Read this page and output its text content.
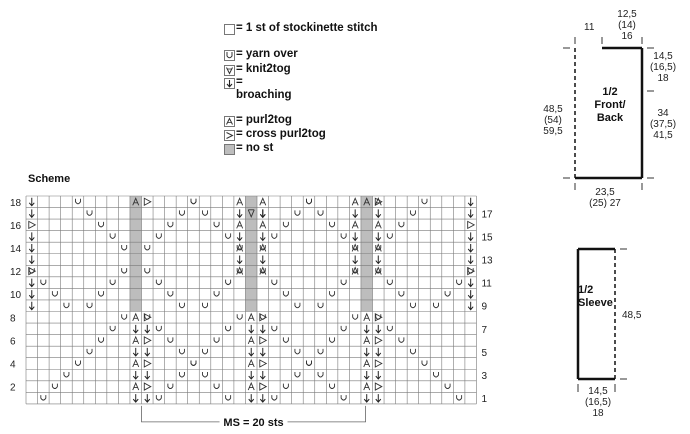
= 1 st of stockinette stitch
= yarn over
= knit2tog
=
broaching
= purl2tog
= cross purl2tog
= no st
Scheme
18
16
14
12
10
8
6
4
2
17
15
13
11
9
7
5
3
1
MS = 20 sts
11
12,5
(14)
16
14,5
(16,5)
18
34
(37,5)
41,5
48,5
(54)
59,5
23,5
(25) 27
1/2
Front/
Back
48,5
14,5
(16,5)
18
1/2
Sleeve
